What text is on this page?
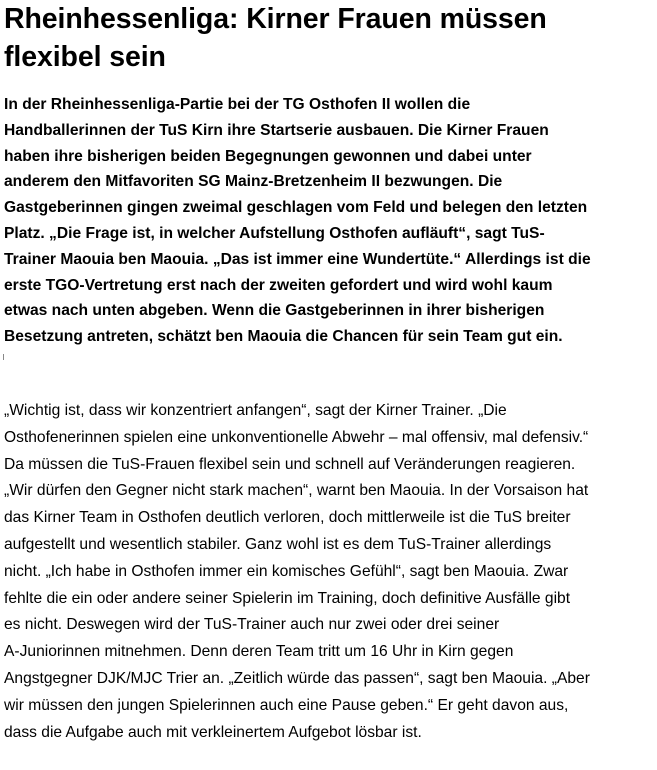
Rheinhessenliga: Kirner Frauen müssen
flexibel sein

In der Rheinhessenliga-Partie bei der TG Osthofen II wollen die
Handballerinnen der TuS Kirn ihre Startserie ausbauen. Die Kirner Frauen
haben ihre bisherigen beiden Begegnungen gewonnen und dabei unter
anderem den Mitfavoriten SG Mainz-Bretzenheim II bezwungen. Die
Gastgeberinnen gingen zweimal geschlagen vom Feld und belegen den letzten
Platz. „Die Frage ist, in welcher Aufstellung Osthofen aufläuft“, sagt TuS-
Trainer Maouia ben Maouia. „Das ist immer eine Wundertüte.“ Allerdings ist die
erste TGO-Vertretung erst nach der zweiten gefordert und wird wohl kaum
etwas nach unten abgeben. Wenn die Gastgeberinnen in ihrer bisherigen
Besetzung antreten, schätzt ben Maouia die Chancen für sein Team gut ein.

„Wichtig ist, dass wir konzentriert anfangen“, sagt der Kirner Trainer. „Die
Osthofenerinnen spielen eine unkonventionelle Abwehr – mal offensiv, mal defensiv.“
Da müssen die TuS-Frauen flexibel sein und schnell auf Veränderungen reagieren.
„Wir dürfen den Gegner nicht stark machen“, warnt ben Maouia. In der Vorsaison hat
das Kirner Team in Osthofen deutlich verloren, doch mittlerweile ist die TuS breiter
aufgestellt und wesentlich stabiler. Ganz wohl ist es dem TuS-Trainer allerdings
nicht. „Ich habe in Osthofen immer ein komisches Gefühl“, sagt ben Maouia. Zwar
fehlte die ein oder andere seiner Spielerin im Training, doch definitive Ausfälle gibt
es nicht. Deswegen wird der TuS-Trainer auch nur zwei oder drei seiner
A-Juniorinnen mitnehmen. Denn deren Team tritt um 16 Uhr in Kirn gegen
Angstgegner DJK/MJC Trier an. „Zeitlich würde das passen“, sagt ben Maouia. „Aber
wir müssen den jungen Spielerinnen auch eine Pause geben.“ Er geht davon aus,
dass die Aufgabe auch mit verkleinertem Aufgebot lösbar ist.
